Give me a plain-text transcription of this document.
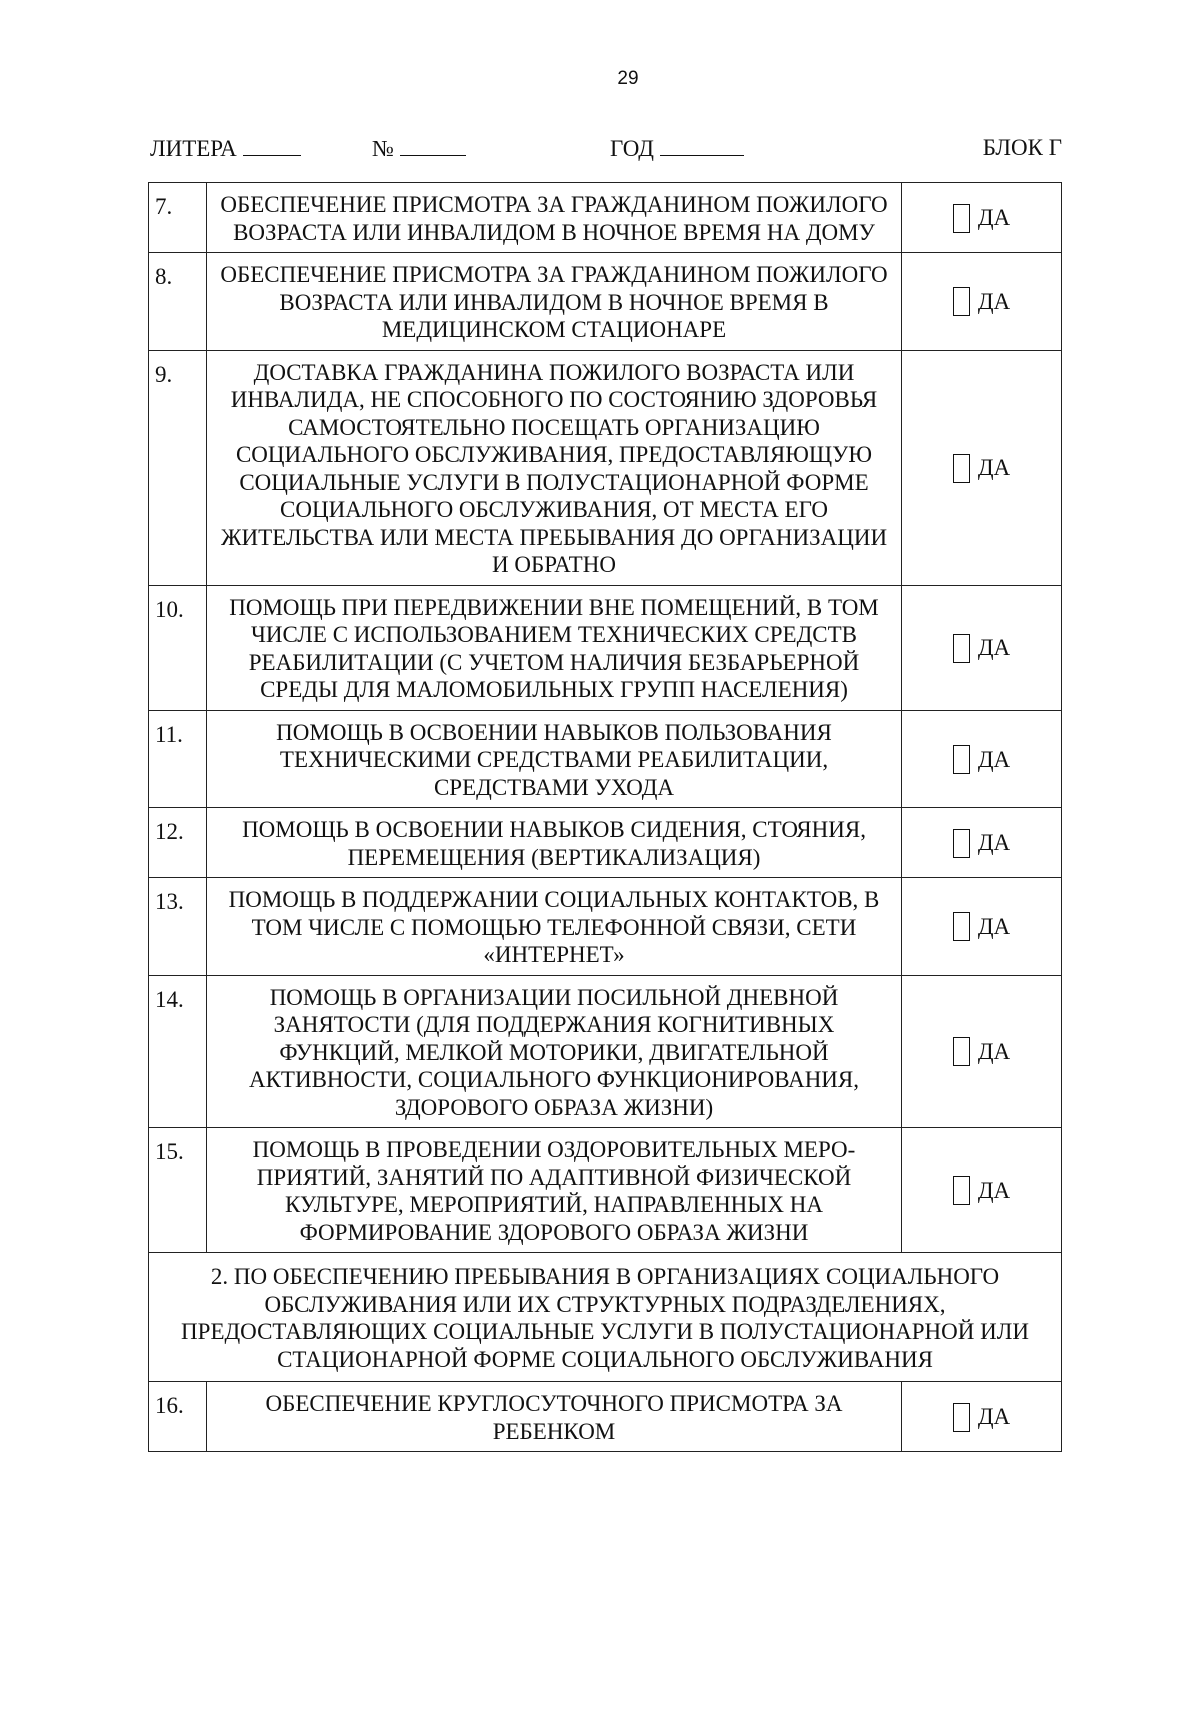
29
ЛИТЕРА	№	ГОД	БЛОК Г
7.	ОБЕСПЕЧЕНИЕ ПРИСМОТРА ЗА ГРАЖДАНИНОМ ПОЖИЛОГО ВОЗРАСТА ИЛИ ИНВАЛИДОМ В НОЧНОЕ ВРЕМЯ НА ДОМУ	ДА
8.	ОБЕСПЕЧЕНИЕ ПРИСМОТРА ЗА ГРАЖДАНИНОМ ПОЖИЛОГО ВОЗРАСТА ИЛИ ИНВАЛИДОМ В НОЧНОЕ ВРЕМЯ В МЕДИЦИНСКОМ СТАЦИОНАРЕ	ДА
9.	ДОСТАВКА ГРАЖДАНИНА ПОЖИЛОГО ВОЗРАСТА ИЛИ ИНВАЛИДА, НЕ СПОСОБНОГО ПО СОСТОЯНИЮ ЗДОРОВЬЯ САМОСТОЯТЕЛЬНО ПОСЕЩАТЬ ОРГАНИЗАЦИЮ СОЦИАЛЬНОГО ОБСЛУЖИВАНИЯ, ПРЕДОСТАВЛЯЮЩУЮ СОЦИАЛЬНЫЕ УСЛУГИ В ПОЛУСТАЦИОНАРНОЙ ФОРМЕ СОЦИАЛЬНОГО ОБСЛУЖИВАНИЯ, ОТ МЕСТА ЕГО ЖИТЕЛЬСТВА ИЛИ МЕСТА ПРЕБЫВАНИЯ ДО ОРГАНИЗАЦИИ И ОБРАТНО	ДА
10.	ПОМОЩЬ ПРИ ПЕРЕДВИЖЕНИИ ВНЕ ПОМЕЩЕНИЙ, В ТОМ ЧИСЛЕ С ИСПОЛЬЗОВАНИЕМ ТЕХНИЧЕСКИХ СРЕДСТВ РЕАБИЛИТАЦИИ (С УЧЕТОМ НАЛИЧИЯ БЕЗБАРЬЕРНОЙ СРЕДЫ ДЛЯ МАЛОМОБИЛЬНЫХ ГРУПП НАСЕЛЕНИЯ)	ДА
11.	ПОМОЩЬ В ОСВОЕНИИ НАВЫКОВ ПОЛЬЗОВАНИЯ ТЕХНИЧЕСКИМИ СРЕДСТВАМИ РЕАБИЛИТАЦИИ, СРЕДСТВАМИ УХОДА	ДА
12.	ПОМОЩЬ В ОСВОЕНИИ НАВЫКОВ СИДЕНИЯ, СТОЯНИЯ, ПЕРЕМЕЩЕНИЯ (ВЕРТИКАЛИЗАЦИЯ)	ДА
13.	ПОМОЩЬ В ПОДДЕРЖАНИИ СОЦИАЛЬНЫХ КОНТАКТОВ, В ТОМ ЧИСЛЕ С ПОМОЩЬЮ ТЕЛЕФОННОЙ СВЯЗИ, СЕТИ «ИНТЕРНЕТ»	ДА
14.	ПОМОЩЬ В ОРГАНИЗАЦИИ ПОСИЛЬНОЙ ДНЕВНОЙ ЗАНЯТОСТИ (ДЛЯ ПОДДЕРЖАНИЯ КОГНИТИВНЫХ ФУНКЦИЙ, МЕЛКОЙ МОТОРИКИ, ДВИГАТЕЛЬНОЙ АКТИВНОСТИ, СОЦИАЛЬНОГО ФУНКЦИОНИРОВАНИЯ, ЗДОРОВОГО ОБРАЗА ЖИЗНИ)	ДА
15.	ПОМОЩЬ В ПРОВЕДЕНИИ ОЗДОРОВИТЕЛЬНЫХ МЕРО-ПРИЯТИЙ, ЗАНЯТИЙ ПО АДАПТИВНОЙ ФИЗИЧЕСКОЙ КУЛЬТУРЕ, МЕРОПРИЯТИЙ, НАПРАВЛЕННЫХ НА ФОРМИРОВАНИЕ ЗДОРОВОГО ОБРАЗА ЖИЗНИ	ДА
2. ПО ОБЕСПЕЧЕНИЮ ПРЕБЫВАНИЯ В ОРГАНИЗАЦИЯХ СОЦИАЛЬНОГО ОБСЛУЖИВАНИЯ ИЛИ ИХ СТРУКТУРНЫХ ПОДРАЗДЕЛЕНИЯХ, ПРЕДОСТАВЛЯЮЩИХ СОЦИАЛЬНЫЕ УСЛУГИ В ПОЛУСТАЦИОНАРНОЙ ИЛИ СТАЦИОНАРНОЙ ФОРМЕ СОЦИАЛЬНОГО ОБСЛУЖИВАНИЯ		
16.	ОБЕСПЕЧЕНИЕ КРУГЛОСУТОЧНОГО ПРИСМОТРА ЗА РЕБЕНКОМ	ДА
